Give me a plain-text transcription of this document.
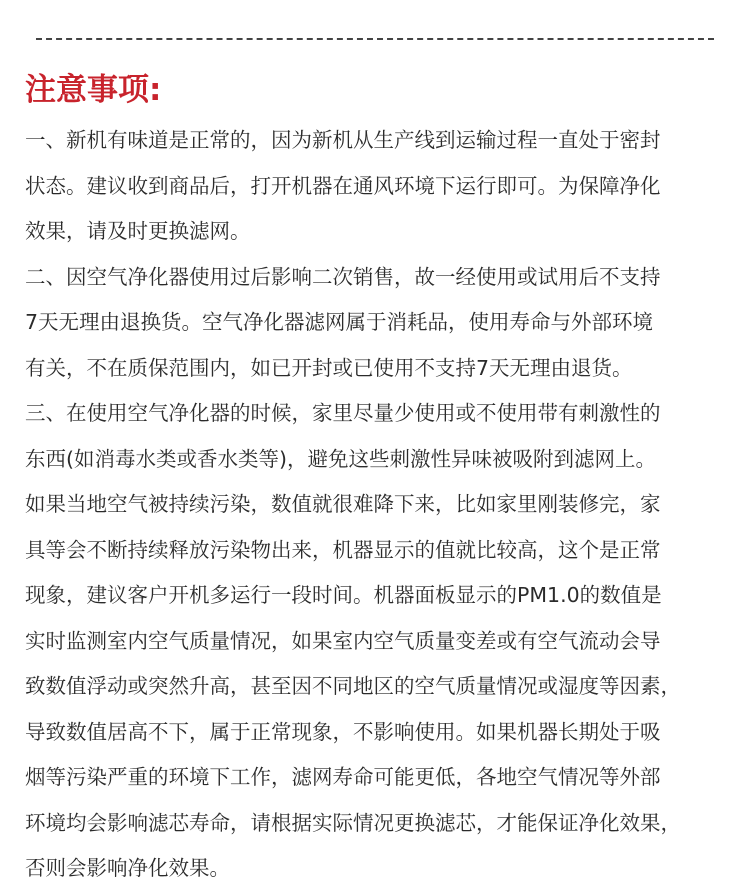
注意事项:
一、新机有味道是正常的，因为新机从生产线到运输过程一直处于密封
状态。建议收到商品后，打开机器在通风环境下运行即可。为保障净化
效果，请及时更换滤网。
二、因空气净化器使用过后影响二次销售，故一经使用或试用后不支持
7天无理由退换货。空气净化器滤网属于消耗品，使用寿命与外部环境
有关，不在质保范围内，如已开封或已使用不支持7天无理由退货。
三、在使用空气净化器的时候，家里尽量少使用或不使用带有刺激性的
东西(如消毒水类或香水类等)，避免这些刺激性异味被吸附到滤网上。
如果当地空气被持续污染，数值就很难降下来，比如家里刚装修完，家
具等会不断持续释放污染物出来，机器显示的值就比较高，这个是正常
现象，建议客户开机多运行一段时间。机器面板显示的PM1.0的数值是
实时监测室内空气质量情况，如果室内空气质量变差或有空气流动会导
致数值浮动或突然升高，甚至因不同地区的空气质量情况或湿度等因素，
导致数值居高不下，属于正常现象，不影响使用。如果机器长期处于吸
烟等污染严重的环境下工作，滤网寿命可能更低，各地空气情况等外部
环境均会影响滤芯寿命，请根据实际情况更换滤芯，才能保证净化效果，
否则会影响净化效果。
